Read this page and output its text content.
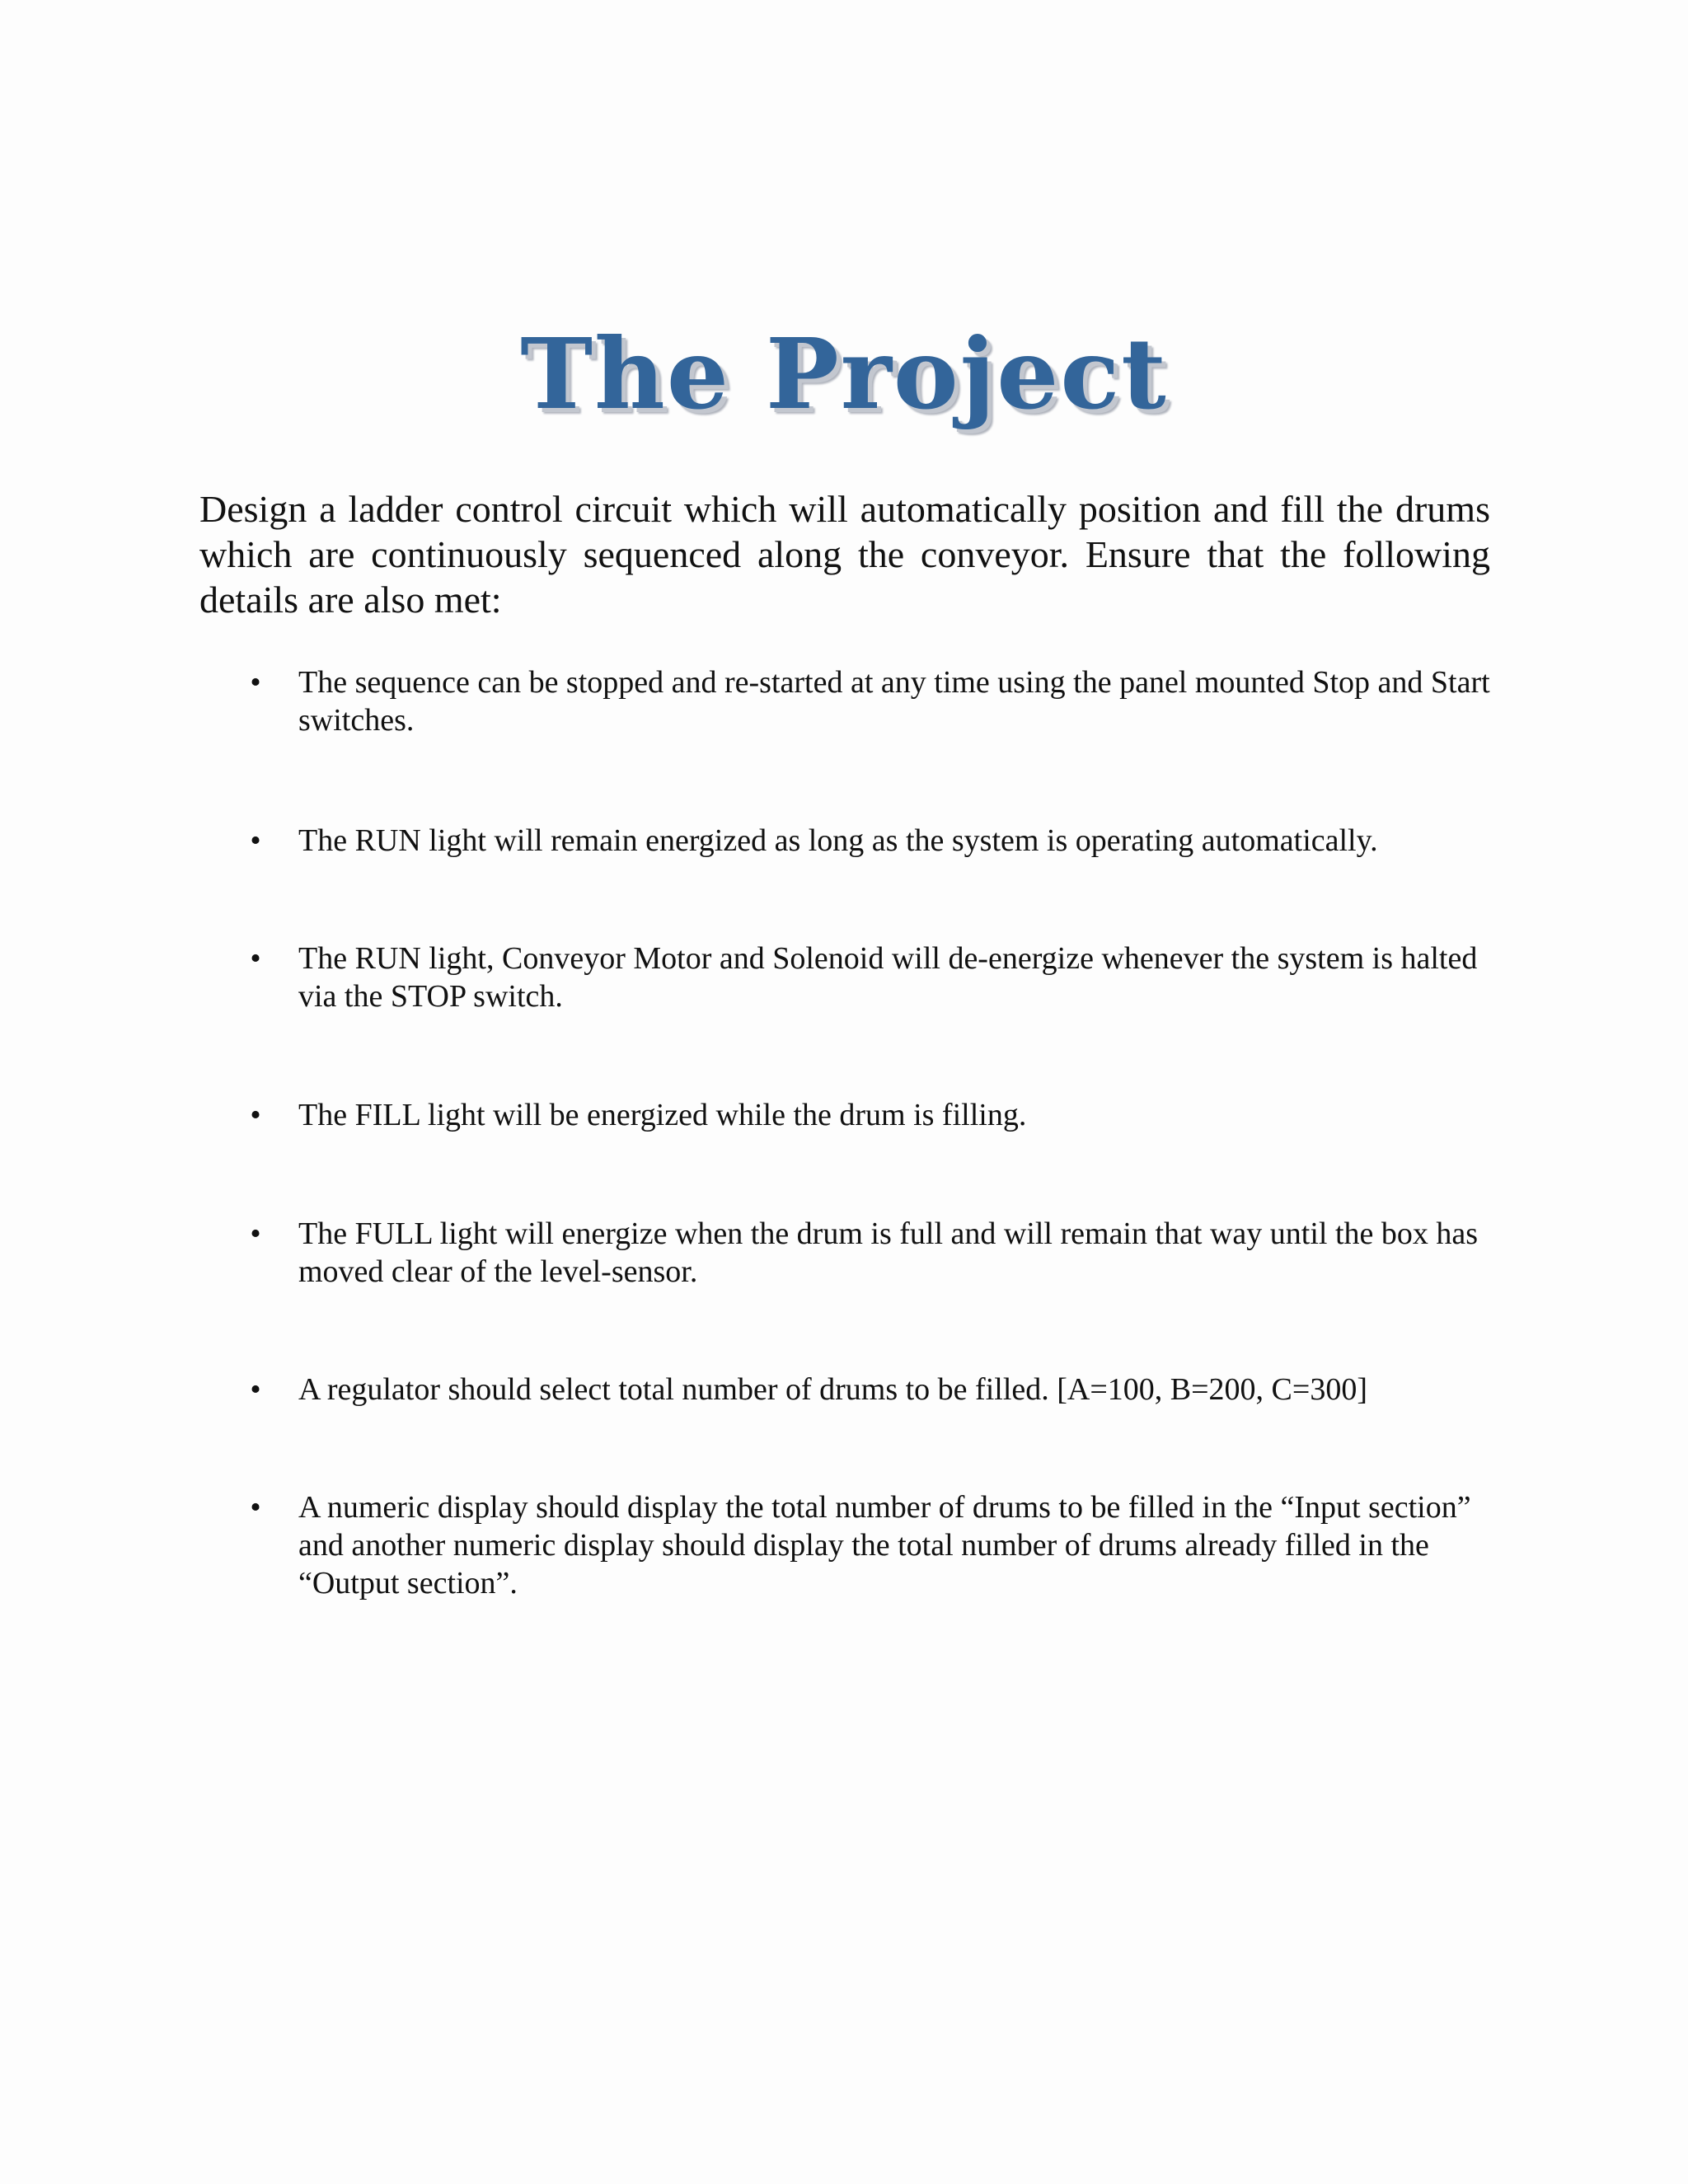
The Project

Design a ladder control circuit which will automatically position and fill the drums which are continuously sequenced along the conveyor. Ensure that the following details are also met:

• The sequence can be stopped and re-started at any time using the panel mounted Stop and Start switches.
• The RUN light will remain energized as long as the system is operating automatically.
• The RUN light, Conveyor Motor and Solenoid will de-energize whenever the system is halted via the STOP switch.
• The FILL light will be energized while the drum is filling.
• The FULL light will energize when the drum is full and will remain that way until the box has moved clear of the level-sensor.
• A regulator should select total number of drums to be filled. [A=100, B=200, C=300]
• A numeric display should display the total number of drums to be filled in the “Input section” and another numeric display should display the total number of drums already filled in the “Output section”.
